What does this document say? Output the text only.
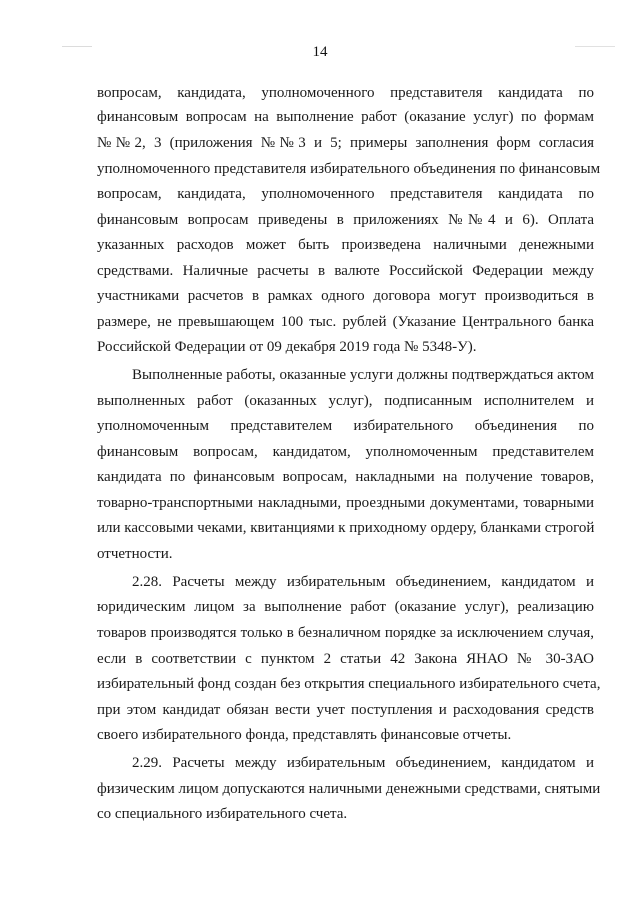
14
вопросам, кандидата, уполномоченного представителя кандидата по
финансовым вопросам на выполнение работ (оказание услуг) по формам
№№2, 3 (приложения №№3 и 5; примеры заполнения форм согласия
уполномоченного представителя избирательного объединения по финансовым
вопросам, кандидата, уполномоченного представителя кандидата по
финансовым вопросам приведены в приложениях №№4 и 6). Оплата
указанных расходов может быть произведена наличными денежными
средствами. Наличные расчеты в валюте Российской Федерации между
участниками расчетов в рамках одного договора могут производиться в
размере, не превышающем 100 тыс. рублей (Указание Центрального банка
Российской Федерации от 09 декабря 2019 года № 5348-У).
Выполненные работы, оказанные услуги должны подтверждаться актом
выполненных работ (оказанных услуг), подписанным исполнителем и
уполномоченным представителем избирательного объединения по
финансовым вопросам, кандидатом, уполномоченным представителем
кандидата по финансовым вопросам, накладными на получение товаров,
товарно-транспортными накладными, проездными документами, товарными
или кассовыми чеками, квитанциями к приходному ордеру, бланками строгой
отчетности.
2.28. Расчеты между избирательным объединением, кандидатом и
юридическим лицом за выполнение работ (оказание услуг), реализацию
товаров производятся только в безналичном порядке за исключением случая,
если в соответствии с пунктом 2 статьи 42 Закона ЯНАО № 30-ЗАО
избирательный фонд создан без открытия специального избирательного счета,
при этом кандидат обязан вести учет поступления и расходования средств
своего избирательного фонда, представлять финансовые отчеты.
2.29. Расчеты между избирательным объединением, кандидатом и
физическим лицом допускаются наличными денежными средствами, снятыми
со специального избирательного счета.
